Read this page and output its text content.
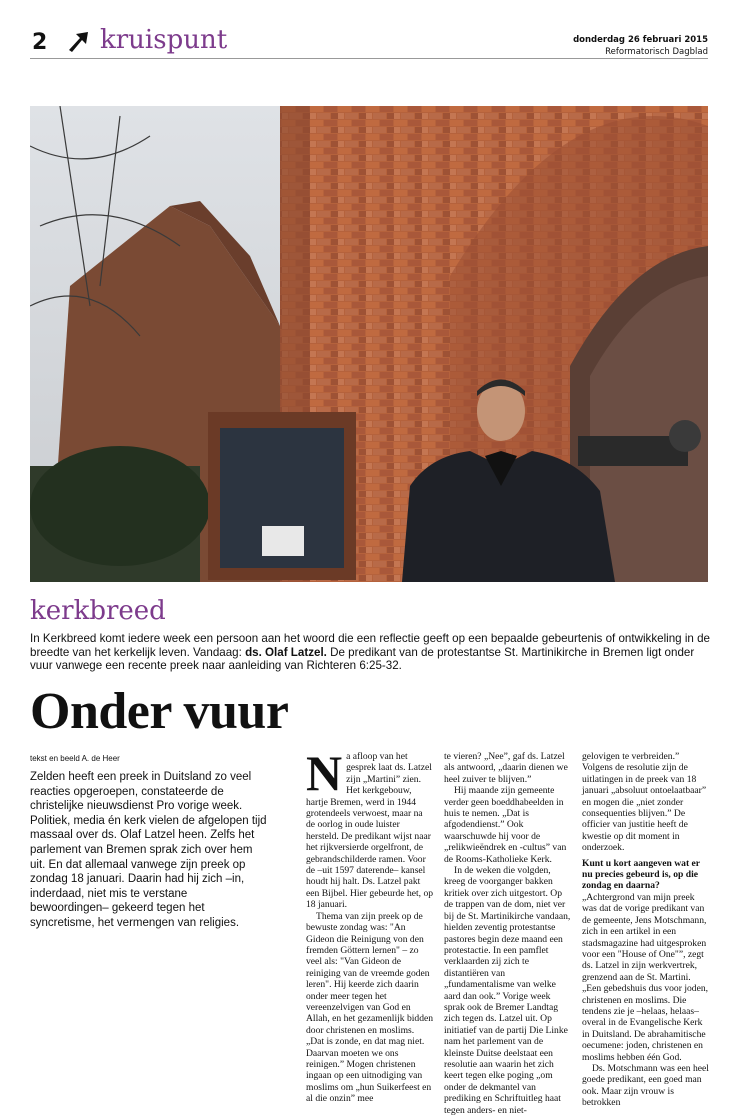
2 kruispunt	donderdag 26 februari 2015
Reformatorisch Dagblad
kerkbreed
In Kerkbreed komt iedere week een persoon aan het woord die een reflectie geeft op een bepaalde gebeurtenis of ontwikkeling in de breedte van het kerkelijk leven. Vandaag: ds. Olaf Latzel. De predikant van de protestantse St. Martinikirche in Bremen ligt onder vuur vanwege een recente preek naar aanleiding van Richteren 6:25-32.
Onder vuur
tekst en beeld A. de Heer
Zelden heeft een preek in Duitsland zo veel reacties opgeroepen, constateerde de christelijke nieuwsdienst Pro vorige week. Politiek, media én kerk vielen de afgelopen tijd massaal over ds. Olaf Latzel heen. Zelfs het parlement van Bremen sprak zich over hem uit. En dat allemaal vanwege zijn preek op zondag 18 januari. Daarin had hij zich –in, inderdaad, niet mis te verstane bewoordingen– gekeerd tegen het syncretisme, het vermengen van religies.
N a afloop van het gesprek laat ds. Latzel zijn „Martini” zien. Het kerkgebouw, hartje Bremen, werd in 1944 grotendeels verwoest, maar na de oorlog in oude luister hersteld. De predikant wijst naar het rijkversierde orgelfront, de gebrandschilderde ramen. Voor de –uit 1597 daterende– kansel houdt hij halt. Ds. Latzel pakt een Bijbel. Hier gebeurde het, op 18 januari.

Thema van zijn preek op de bewuste zondag was: "An Gideon die Reinigung von den fremden Göttern lernen" – zo veel als: "Van Gideon de reiniging van de vreemde goden leren". Hij keerde zich daarin onder meer tegen het vereenzelvigen van God en Allah, en het gezamenlijk bidden door christenen en moslims. „Dat is zonde, en dat mag niet. Daarvan moeten we ons reinigen.” Mogen christenen ingaan op een uitnodiging van moslims om „hun Suikerfeest en al die onzin” mee

te vieren? „Nee”, gaf ds. Latzel als antwoord, „daarin dienen we heel zuiver te blijven.”

Hij maande zijn gemeente verder geen boeddhabeelden in huis te nemen. „Dat is afgodendienst.” Ook waarschuwde hij voor de „relikwieëndrek en -cultus” van de Rooms-Katholieke Kerk.

In de weken die volgden, kreeg de voorganger bakken kritiek over zich uitgestort. Op de trappen van de dom, niet ver bij de St. Martinikirche vandaan, hielden zeventig protestantse pastores begin deze maand een protestactie. In een pamflet verklaarden zij zich te distantiëren van „fundamentalisme van welke aard dan ook.” Vorige week sprak ook de Bremer Landtag zich tegen ds. Latzel uit. Op initiatief van de partij Die Linke nam het parlement van de kleinste Duitse deelstaat een resolutie aan waarin het zich keert tegen elke poging „om onder de dekmantel van prediking en Schriftuitleg haat tegen anders- en niet-

gelovigen te verbreiden.” Volgens de resolutie zijn de uitlatingen in de preek van 18 januari „absoluut ontoelaatbaar” en mogen die „niet zonder consequenties blijven.” De officier van justitie heeft de kwestie op dit moment in onderzoek.

Kunt u kort aangeven wat er nu precies gebeurd is, op die zondag en daarna?

„Achtergrond van mijn preek was dat de vorige predikant van de gemeente, Jens Motschmann, zich in een artikel in een stadsmagazine had uitgesproken voor een "House of One"”, zegt ds. Latzel in zijn werkvertrek, grenzend aan de St. Martini. „Een gebedshuis dus voor joden, christenen en moslims. Die tendens zie je –helaas, helaas– overal in de Evangelische Kerk in Duitsland. De abrahamitische oecumene: joden, christenen en moslims hebben één God.

Ds. Motschmann was een heel goede predikant, een goed man ook. Maar zijn vrouw is betrokken
